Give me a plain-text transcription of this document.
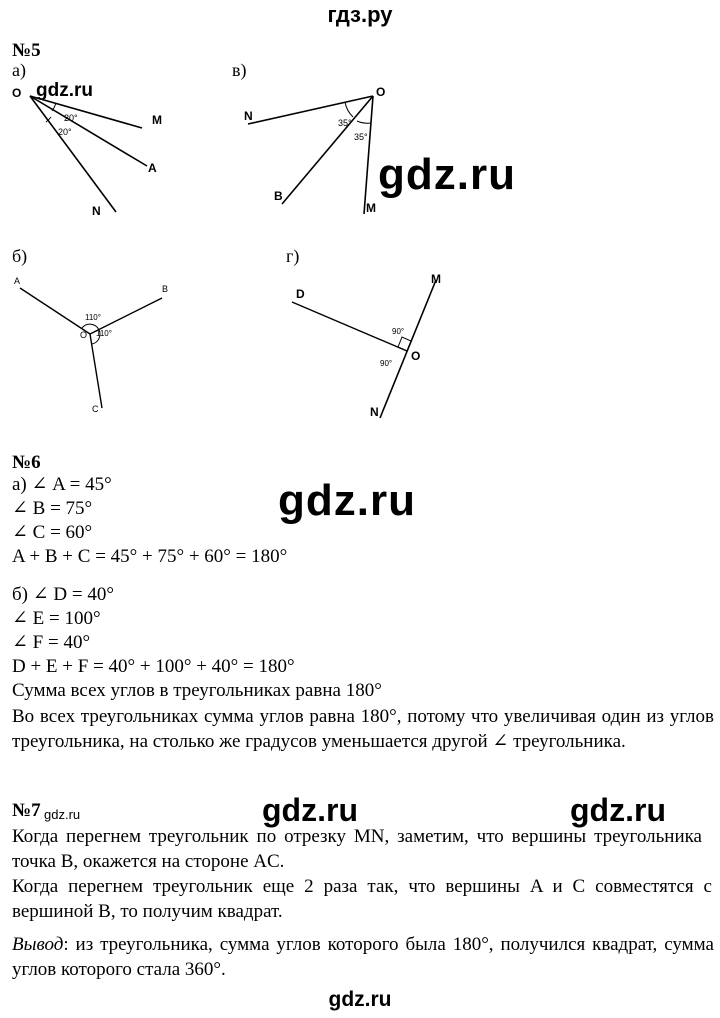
гдз.ру
№5
а)
O
M
A
N
20°
20°
gdz.ru
в)
O
N
B
M
35°
35°
gdz.ru
б)
A
B
O
C
110°
110°
г)
D
M
O
N
90°
90°
№6
а) ∠ A = 45°
∠ B = 75°
∠ C = 60°
A + B + C = 45° + 75° + 60° = 180°
б) ∠ D = 40°
∠ E = 100°
∠ F = 40°
D + E + F = 40° + 100° + 40° = 180°
Сумма всех углов в треугольниках равна 180°
Во всех треугольниках сумма углов равна 180°, потому что увеличивая один из углов треугольника, на столько же градусов уменьшается другой ∠ треугольника.
gdz.ru
№7 gdz.ru	gdz.ru	gdz.ru
Когда перегнем треугольник по отрезку MN, заметим, что вершины треугольника точка B, окажется на стороне AC.
Когда перегнем треугольник еще 2 раза так, что вершины A и C совместятся с вершиной B, то получим квадрат.
Вывод: из треугольника, сумма углов которого была 180°, получился квадрат, сумма углов которого стала 360°.
gdz.ru
